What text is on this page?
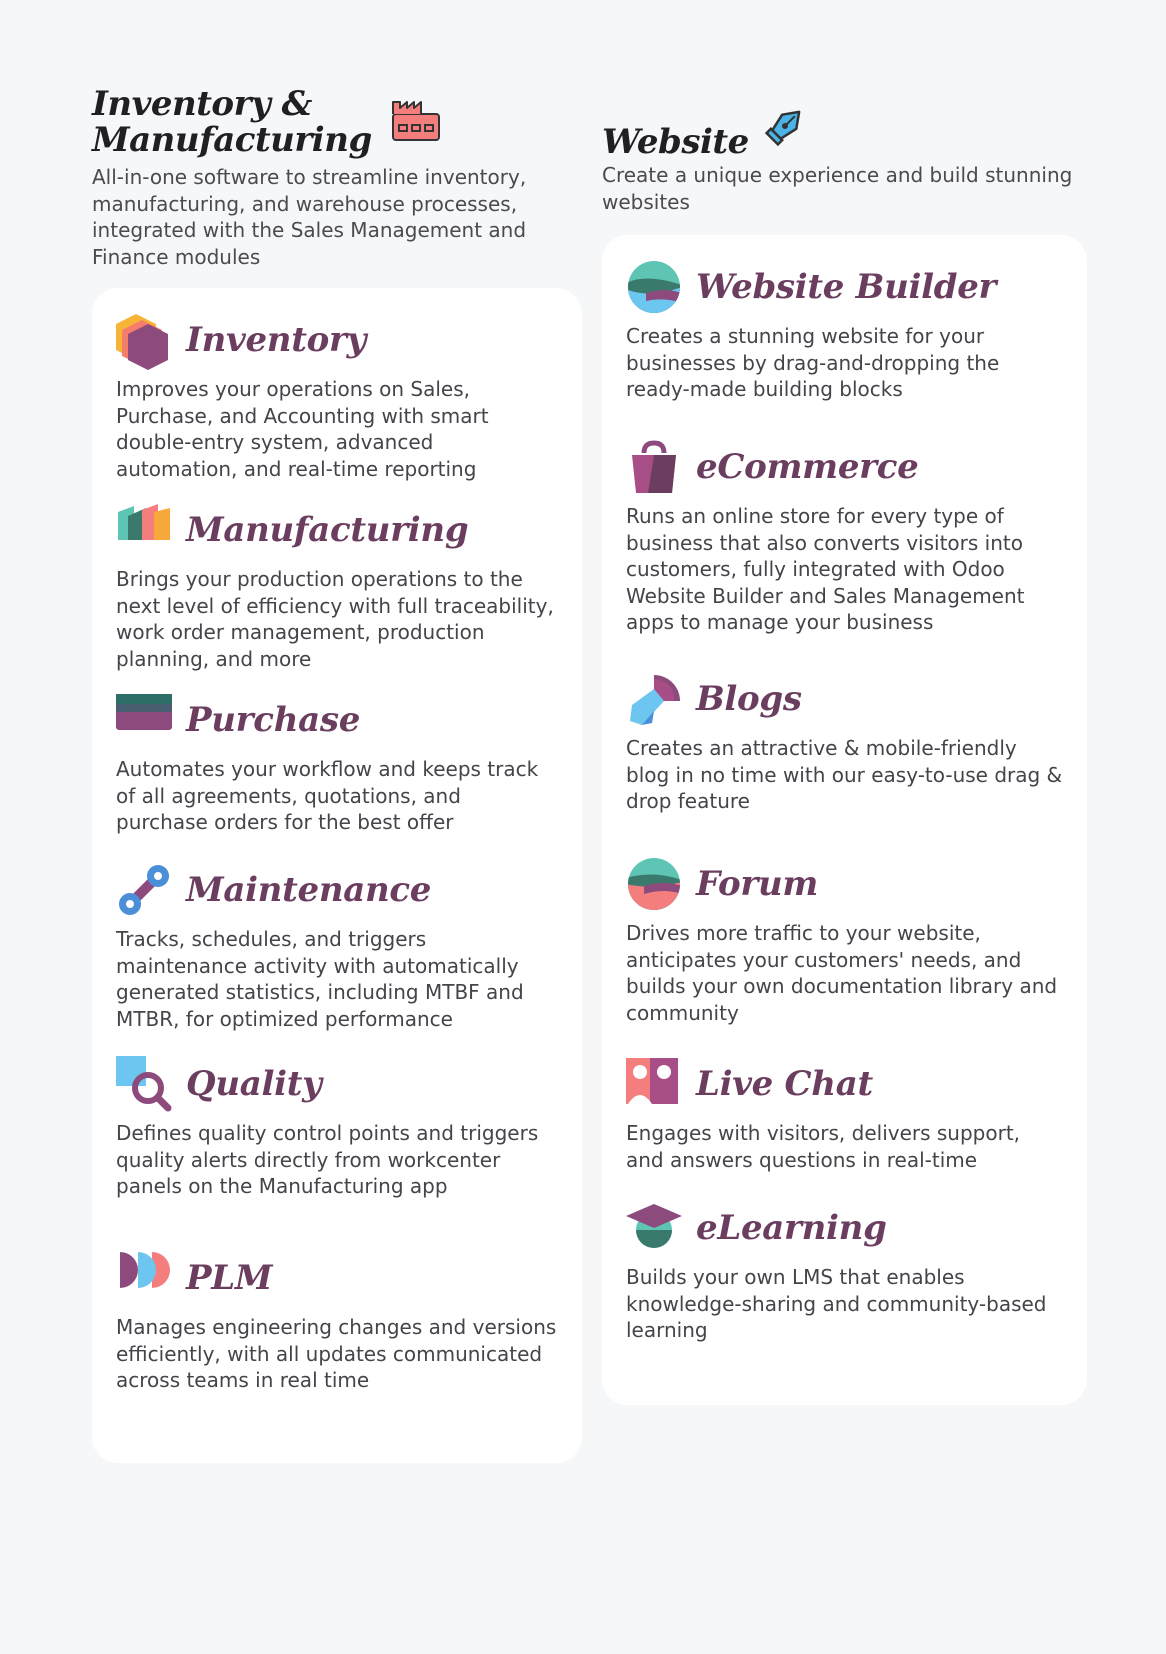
Inventory &
Manufacturing

All-in-one software to streamline inventory, manufacturing, and warehouse processes, integrated with the Sales Management and Finance modules

Inventory

Improves your operations on Sales, Purchase, and Accounting with smart double-entry system, advanced automation, and real-time reporting

Manufacturing

Brings your production operations to the next level of efficiency with full traceability, work order management, production planning, and more

Purchase

Automates your workflow and keeps track of all agreements, quotations, and purchase orders for the best offer

Maintenance

Tracks, schedules, and triggers maintenance activity with automatically generated statistics, including MTBF and MTBR, for optimized performance

Quality

Defines quality control points and triggers quality alerts directly from workcenter panels on the Manufacturing app

PLM

Manages engineering changes and versions efficiently, with all updates communicated across teams in real time

Website

Create a unique experience and build stunning websites

Website Builder

Creates a stunning website for your businesses by drag-and-dropping the ready-made building blocks

eCommerce

Runs an online store for every type of business that also converts visitors into customers, fully integrated with Odoo Website Builder and Sales Management apps to manage your business

Blogs

Creates an attractive & mobile-friendly blog in no time with our easy-to-use drag & drop feature

Forum

Drives more traffic to your website, anticipates your customers' needs, and builds your own documentation library and community

Live Chat

Engages with visitors, delivers support, and answers questions in real-time

eLearning

Builds your own LMS that enables knowledge-sharing and community-based learning
